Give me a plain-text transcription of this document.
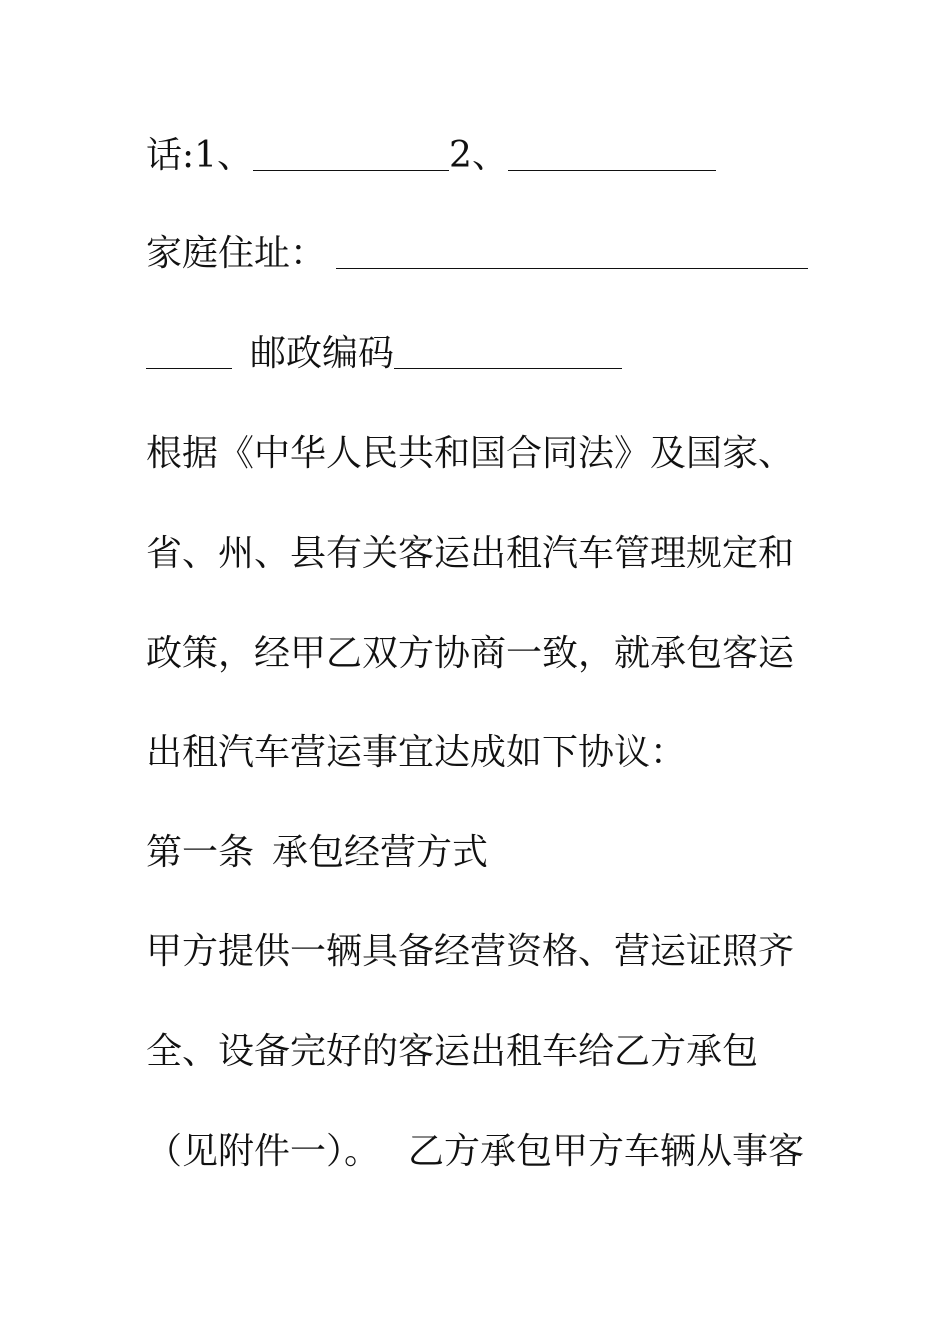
话:1、	2、
家庭住址：
邮政编码
根据《中华人民共和国合同法》及国家、
省、州、县有关客运出租汽车管理规定和
政策，经甲乙双方协商一致，就承包客运
出租汽车营运事宜达成如下协议：
第一条 承包经营方式
甲方提供一辆具备经营资格、营运证照齐
全、设备完好的客运出租车给乙方承包
（见附件一）。 乙方承包甲方车辆从事客
